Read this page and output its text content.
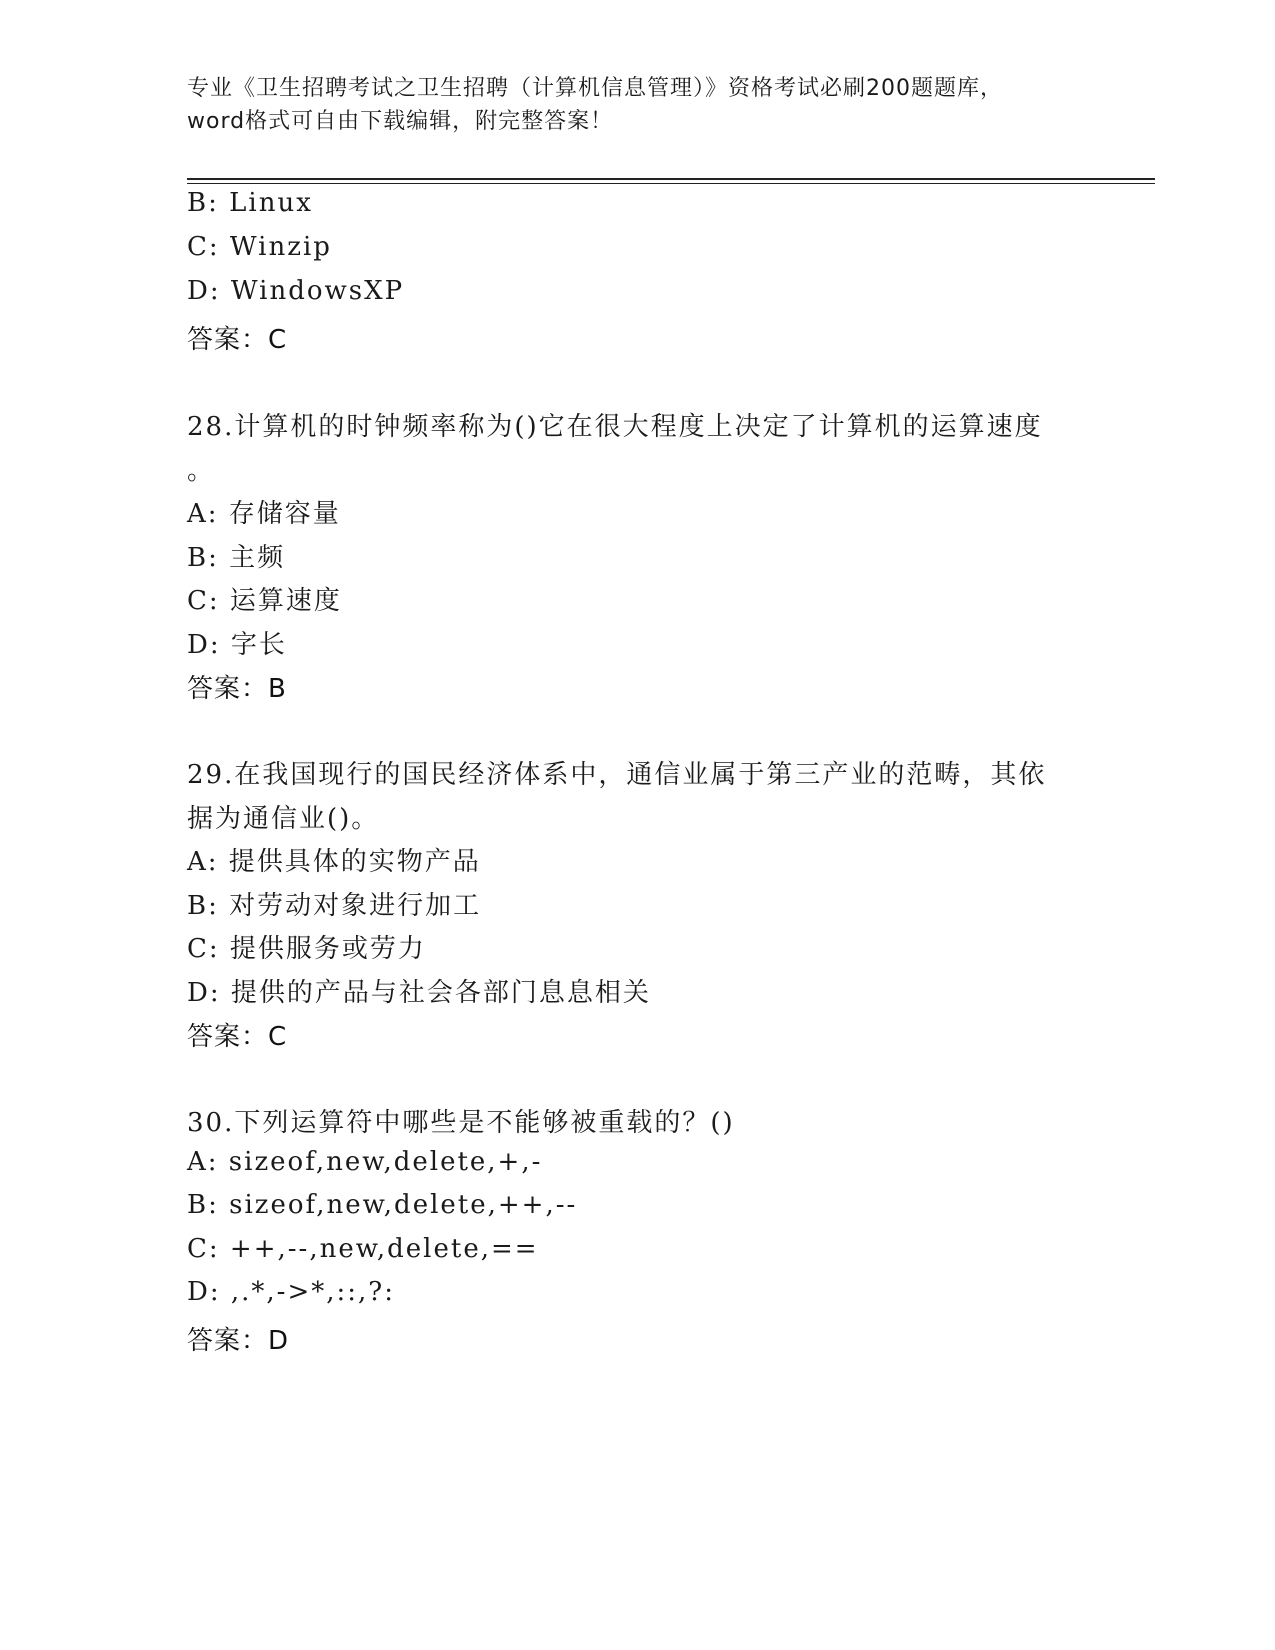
专业《卫生招聘考试之卫生招聘（计算机信息管理）》资格考试必刷200题题库，
word格式可自由下载编辑，附完整答案！
B: Linux
C: Winzip
D: WindowsXP
答案：C
28.计算机的时钟频率称为()它在很大程度上决定了计算机的运算速度
。
A: 存储容量
B: 主频
C: 运算速度
D: 字长
答案：B
29.在我国现行的国民经济体系中，通信业属于第三产业的范畴，其依
据为通信业()。
A: 提供具体的实物产品
B: 对劳动对象进行加工
C: 提供服务或劳力
D: 提供的产品与社会各部门息息相关
答案：C
30.下列运算符中哪些是不能够被重载的？()
A: sizeof,new,delete,+,-
B: sizeof,new,delete,++,--
C: ++,--,new,delete,==
D: ,.*,->*,::,?:
答案：D
